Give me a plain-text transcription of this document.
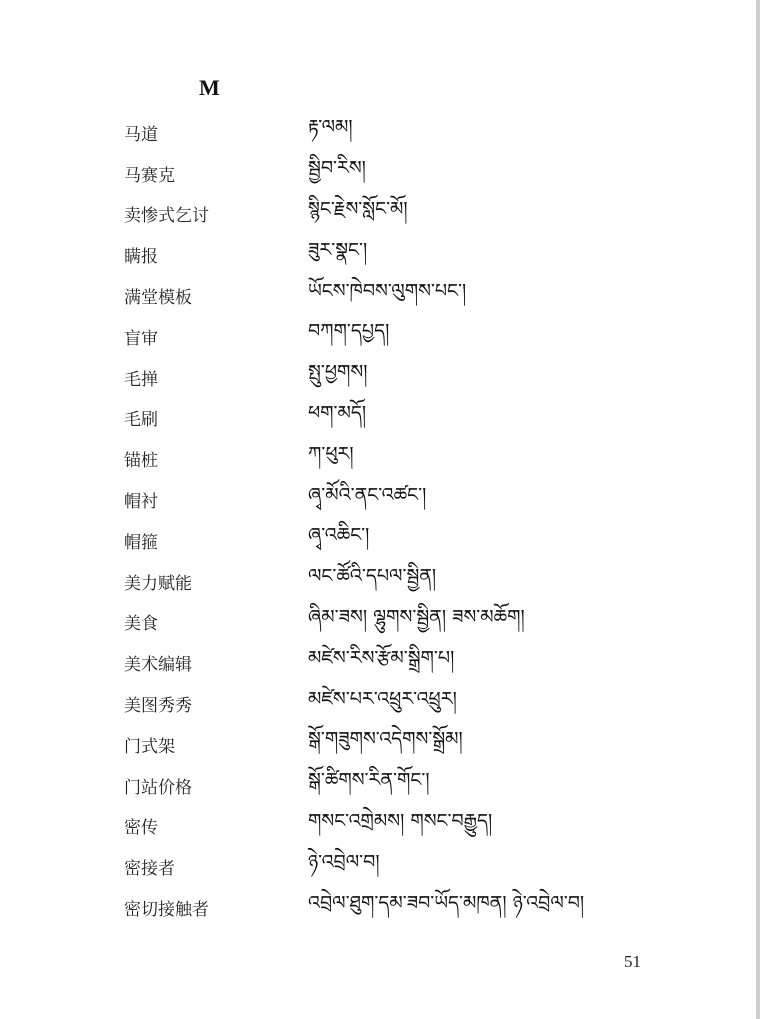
M
马道	རྟ་ལམ།
马赛克	སྦྱིབ་རིས།
卖惨式乞讨	སྙིང་རྗེས་སློང་མོ།
瞒报	ཟུར་སྣང་།
满堂模板	ཡོངས་ཁེབས་ལུགས་པང་།
盲审	བཀག་དཔྱད།
毛掸	སྤུ་ཕྱགས།
毛刷	ཕག་མདོ།
锚桩	ཀ་ཕུར།
帽衬	ཞྭ་མོའི་ནང་འཚང་།
帽箍	ཞྭ་འཆིང་།
美力赋能	ལང་ཚོའི་དཔལ་སྦྱིན།
美食	ཞིམ་ཟས། ལྷུགས་སྦྱིན། ཟས་མཆོག།
美术编辑	མཛེས་རིས་རྩོམ་སྒྲིག་པ།
美图秀秀	མཛེས་པར་འཕྲུར་འཕྲུར།
门式架	སྒོ་གཟུགས་འདེགས་སྒྲོམ།
门站价格	སྒོ་ཚིགས་རིན་གོང་།
密传	གསང་འགྲེམས། གསང་བརྒྱུད།
密接者	ཉེ་འབྲེལ་བ།
密切接触者	འབྲེལ་ཐུག་དམ་ཟབ་ཡོད་མཁན། ཉེ་འབྲེལ་བ།
51
